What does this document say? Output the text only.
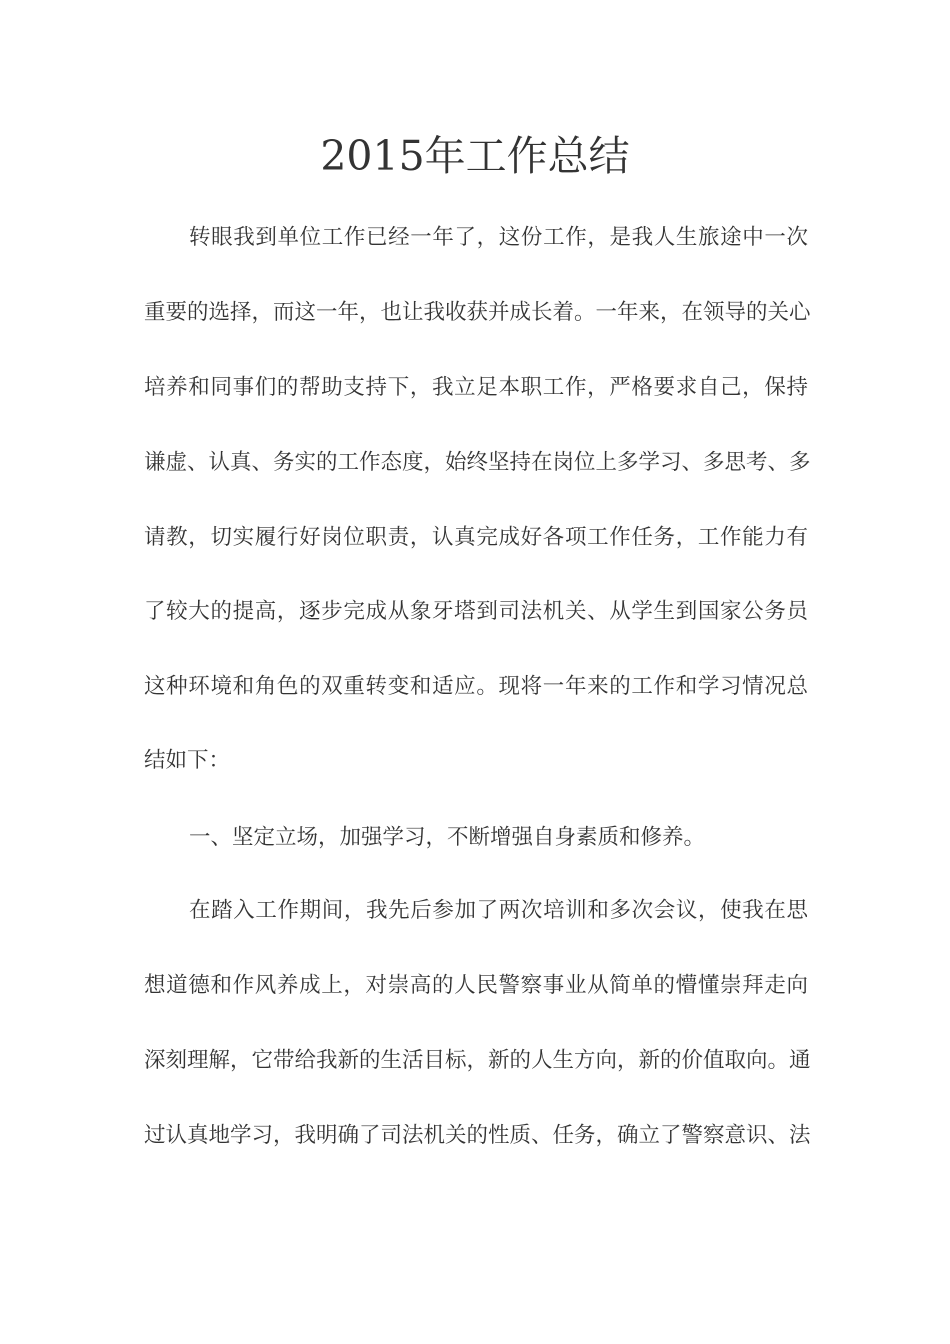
2015年工作总结
转眼我到单位工作已经一年了，这份工作，是我人生旅途中一次
重要的选择，而这一年，也让我收获并成长着。一年来，在领导的关心
培养和同事们的帮助支持下，我立足本职工作，严格要求自己，保持
谦虚、认真、务实的工作态度，始终坚持在岗位上多学习、多思考、多
请教，切实履行好岗位职责，认真完成好各项工作任务，工作能力有
了较大的提高，逐步完成从象牙塔到司法机关、从学生到国家公务员
这种环境和角色的双重转变和适应。现将一年来的工作和学习情况总
结如下：
一、坚定立场，加强学习，不断增强自身素质和修养。
在踏入工作期间，我先后参加了两次培训和多次会议，使我在思
想道德和作风养成上，对崇高的人民警察事业从简单的懵懂崇拜走向
深刻理解，它带给我新的生活目标，新的人生方向，新的价值取向。通
过认真地学习，我明确了司法机关的性质、任务，确立了警察意识、法
